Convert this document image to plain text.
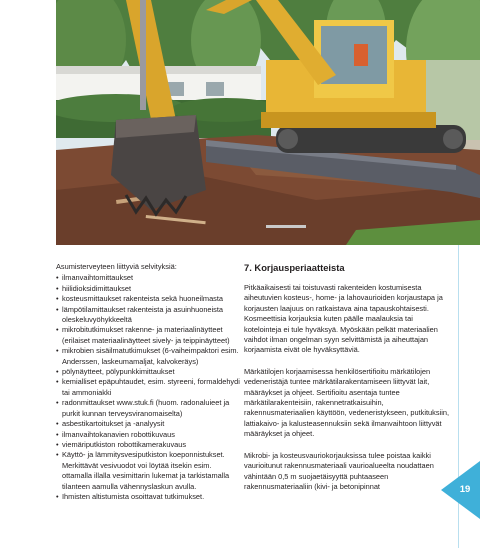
Asumisterveyteen liittyviä selvityksiä:
• ilmanvaihtomittaukset
• hiilidioksidimittaukset
• kosteusmittaukset rakenteista sekä huoneilmasta
• lämpötilamittaukset rakenteista ja asuinhuoneista oleskeluvyöhykkeeltä
• mikrobitutkimukset rakenne- ja materiaalinäytteet (erilaiset materiaalinäytteet sively- ja teippinäytteet)
• mikrobien sisäilmatutkimukset (6-vaiheimpaktori esim. Anderssen, laskeumamaljat, kalvokeräys)
• pölynäytteet, pölypunkkimittaukset
• kemialliset epäpuhtaudet, esim. styreeni, formaldehydi tai ammoniakki
• radonmittaukset www.stuk.fi (huom. radonaluieet ja purkit kunnan terveysviranomaiselta)
• asbestikartoitukset ja -analyysit
• ilmanvaihtokanavien robottikuvaus
• viemäriputkiston robottikamerakuvaus
• Käyttö- ja lämmitysvesiputkiston koeponnistukset. Merkittävät vesivuodot voi löytää itsekin esim. ottamalla illalla vesimittarin lukemat ja tarkistamalla tilanteen aamulla vähennyslaskun avulla.
• Ihmisten altistumista osoittavat tutkimukset.
7. Korjausperiaatteista

Pitkäaikaisesti tai toistuvasti rakenteiden kostumisesta aiheutuvien kosteus-, home- ja lahovaurioiden korjaustapa ja korjausten laajuus on ratkaistava aina tapauskohtaisesti. Kosmeettisia korjauksia kuten päälle maalauksia tai kotelointeja ei tule hyväksyä. Myöskään pelkät materiaalien vaihdot ilman ongelman syyn selvittämistä ja aiheuttajan korjaamista eivät ole hyväksyttäviä.

Märkätilojen korjaamisessa henkilösertifioitu märkätilojen vedeneristäjä tuntee märkätilarakentamiseen liittyvät lait, määräykset ja ohjeet. Sertifioitu asentaja tuntee märkätilarakenteisiin, rakennetratkaisuihin, rakennusmateriaalien käyttöön, vedeneristykseen, putkituksiin, lattiakaivo- ja kalusteasennuksiin sekä ilmanvaihtoon liittyvät määräykset ja ohjeet.

Mikrobi- ja kosteusvauriokorjauksissa tulee poistaa kaikki vaurioitunut rakennusmateriaali vaurioalueelta noudattaen vähintään 0,5 m suojaetäisyyttä puhtaaseen rakennusmateriaaliin (kivi- ja betonipinnat	19
